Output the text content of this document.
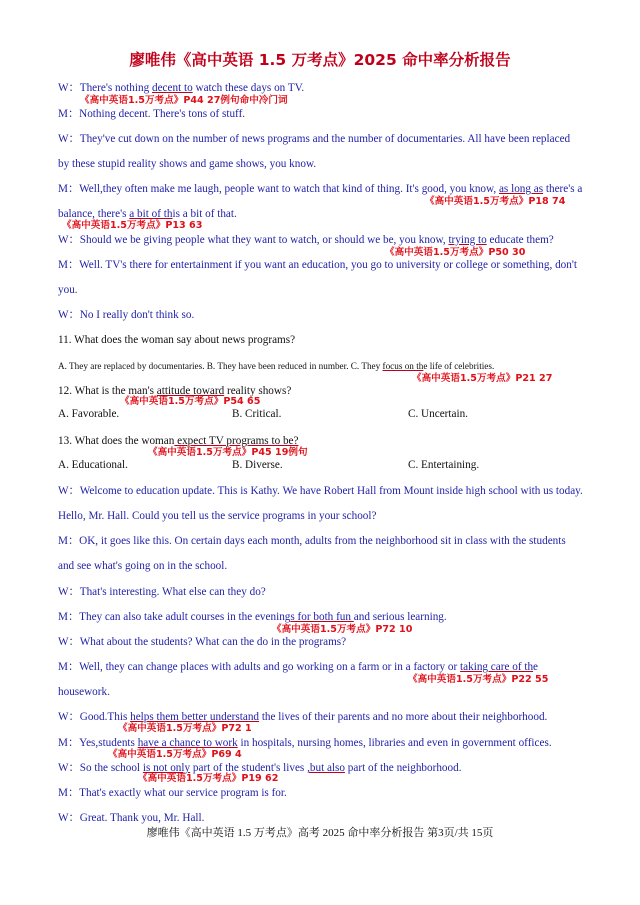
廖唯伟《高中英语 1.5 万考点》2025 命中率分析报告
W：There's nothing decent to watch these days on TV.
《高中英语1.5万考点》P44 27例句命中冷门词
M：Nothing decent. There's tons of stuff.
W：They've cut down on the number of news programs and the number of documentaries. All have been replaced
by these stupid reality shows and game shows, you know.
M：Well,they often make me laugh, people want to watch that kind of thing. It's good, you know, as long as there's a
《高中英语1.5万考点》P18 74
balance, there's a bit of this a bit of that.
《高中英语1.5万考点》P13 63
W：Should we be giving people what they want to watch, or should we be, you know, trying to educate them?
《高中英语1.5万考点》P50 30
M：Well. TV's there for entertainment if you want an education, you go to university or college or something, don't
you.
W：No I really don't think so.
11. What does the woman say about news programs?
A. They are replaced by documentaries. B. They have been reduced in number. C. They focus on the life of celebrities.
《高中英语1.5万考点》P21 27
12. What is the man's attitude toward reality shows?
《高中英语1.5万考点》P54 65
A. Favorable.	B. Critical.	C. Uncertain.
13. What does the woman expect TV programs to be?
《高中英语1.5万考点》P45 19例句
A. Educational.	B. Diverse.	C. Entertaining.
W：Welcome to education update. This is Kathy. We have Robert Hall from Mount inside high school with us today.
Hello, Mr. Hall. Could you tell us the service programs in your school?
M：OK, it goes like this. On certain days each month, adults from the neighborhood sit in class with the students
and see what's going on in the school.
W：That's interesting. What else can they do?
M：They can also take adult courses in the evenings for both fun and serious learning.
《高中英语1.5万考点》P72 10
W：What about the students? What can the do in the programs?
M：Well, they can change places with adults and go working on a farm or in a factory or taking care of the
《高中英语1.5万考点》P22 55
housework.
W：Good.This helps them better understand the lives of their parents and no more about their neighborhood.
《高中英语1.5万考点》P72 1
M：Yes,students have a chance to work in hospitals, nursing homes, libraries and even in government offices.
《高中英语1.5万考点》P69 4
W：So the school is not only part of the student's lives ,but also part of the neighborhood.
《高中英语1.5万考点》P19 62
M：That's exactly what our service program is for.
W：Great. Thank you, Mr. Hall.
廖唯伟《高中英语 1.5 万考点》高考 2025 命中率分析报告 第3页/共 15页
